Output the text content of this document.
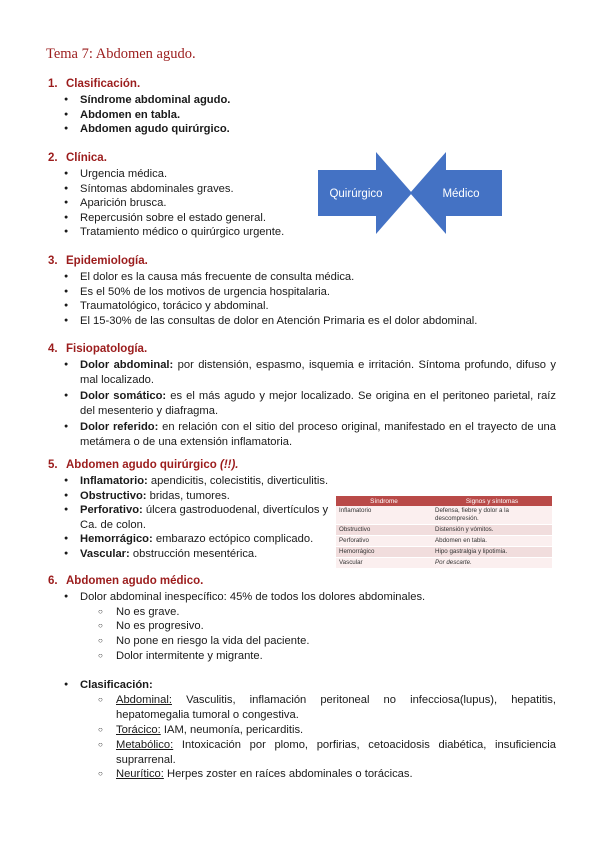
Tema 7: Abdomen agudo.
1. Clasificación.
● Síndrome abdominal agudo.
● Abdomen en tabla.
● Abdomen agudo quirúrgico.
2. Clínica.
● Urgencia médica.
● Síntomas abdominales graves.
● Aparición brusca.
● Repercusión sobre el estado general.
● Tratamiento médico o quirúrgico urgente.
Quirúrgico	Médico
3. Epidemiología.
● El dolor es la causa más frecuente de consulta médica.
● Es el 50% de los motivos de urgencia hospitalaria.
● Traumatológico, torácico y abdominal.
● El 15-30% de las consultas de dolor en Atención Primaria es el dolor abdominal.
4. Fisiopatología.
● Dolor abdominal: por distensión, espasmo, isquemia e irritación. Síntoma profundo, difuso y mal localizado.
● Dolor somático: es el más agudo y mejor localizado. Se origina en el peritoneo parietal, raíz del mesenterio y diafragma.
● Dolor referido: en relación con el sitio del proceso original, manifestado en el trayecto de una metámera o de una extensión inflamatoria.
5. Abdomen agudo quirúrgico (!!).
● Inflamatorio: apendicitis, colecistitis, diverticulitis.
● Obstructivo: bridas, tumores.
● Perforativo: úlcera gastroduodenal, divertículos y Ca. de colon.
● Hemorrágico: embarazo ectópico complicado.
● Vascular: obstrucción mesentérica.
Síndrome	Signos y síntomas
Inflamatorio	Defensa, fiebre y dolor a la descompresión.
Obstructivo	Distensión y vómitos.
Perforativo	Abdomen en tabla.
Hemorrágico	Hipo gastralgia y lipotimia.
Vascular	Por descarte.
6. Abdomen agudo médico.
● Dolor abdominal inespecífico: 45% de todos los dolores abdominales.
○ No es grave.
○ No es progresivo.
○ No pone en riesgo la vida del paciente.
○ Dolor intermitente y migrante.
● Clasificación:
○ Abdominal: Vasculitis, inflamación peritoneal no infecciosa(lupus), hepatitis, hepatomegalia tumoral o congestiva.
○ Torácico: IAM, neumonía, pericarditis.
○ Metabólico: Intoxicación por plomo, porfirias, cetoacidosis diabética, insuficiencia suprarrenal.
○ Neurítico: Herpes zoster en raíces abdominales o torácicas.
